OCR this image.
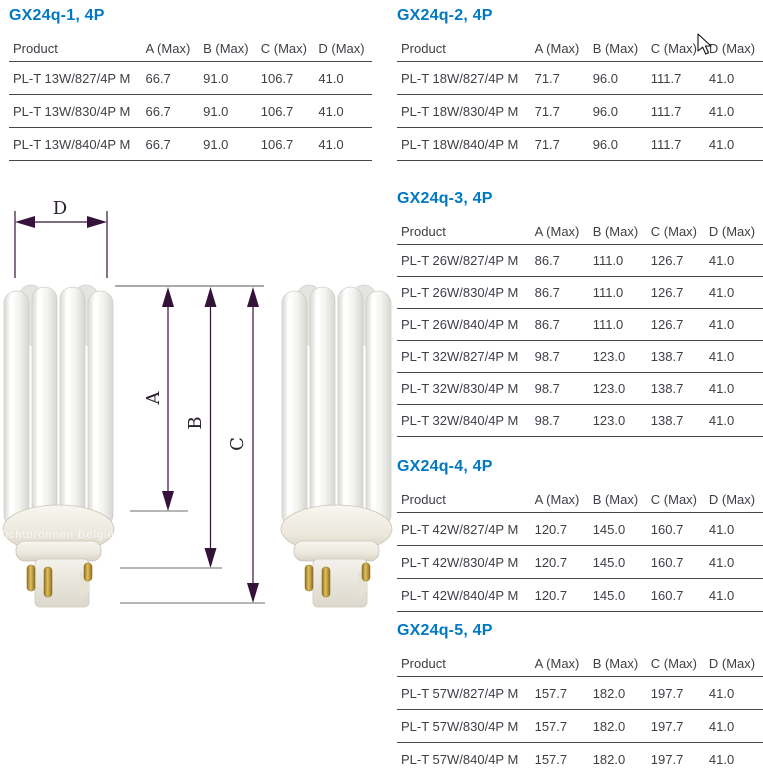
GX24q-1, 4P
Product	A (Max)	B (Max)	C (Max)	D (Max)
PL-T 13W/827/4P M	66.7	91.0	106.7	41.0
PL-T 13W/830/4P M	66.7	91.0	106.7	41.0
PL-T 13W/840/4P M	66.7	91.0	106.7	41.0
GX24q-2, 4P
Product	A (Max)	B (Max)	C (Max)	D (Max)
PL-T 18W/827/4P M	71.7	96.0	111.7	41.0
PL-T 18W/830/4P M	71.7	96.0	111.7	41.0
PL-T 18W/840/4P M	71.7	96.0	111.7	41.0
GX24q-3, 4P
Product	A (Max)	B (Max)	C (Max)	D (Max)
PL-T 26W/827/4P M	86.7	111.0	126.7	41.0
PL-T 26W/830/4P M	86.7	111.0	126.7	41.0
PL-T 26W/840/4P M	86.7	111.0	126.7	41.0
PL-T 32W/827/4P M	98.7	123.0	138.7	41.0
PL-T 32W/830/4P M	98.7	123.0	138.7	41.0
PL-T 32W/840/4P M	98.7	123.0	138.7	41.0
GX24q-4, 4P
Product	A (Max)	B (Max)	C (Max)	D (Max)
PL-T 42W/827/4P M	120.7	145.0	160.7	41.0
PL-T 42W/830/4P M	120.7	145.0	160.7	41.0
PL-T 42W/840/4P M	120.7	145.0	160.7	41.0
GX24q-5, 4P
Product	A (Max)	B (Max)	C (Max)	D (Max)
PL-T 57W/827/4P M	157.7	182.0	197.7	41.0
PL-T 57W/830/4P M	157.7	182.0	197.7	41.0
PL-T 57W/840/4P M	157.7	182.0	197.7	41.0
D
A
B
C
lichtbronnen België
